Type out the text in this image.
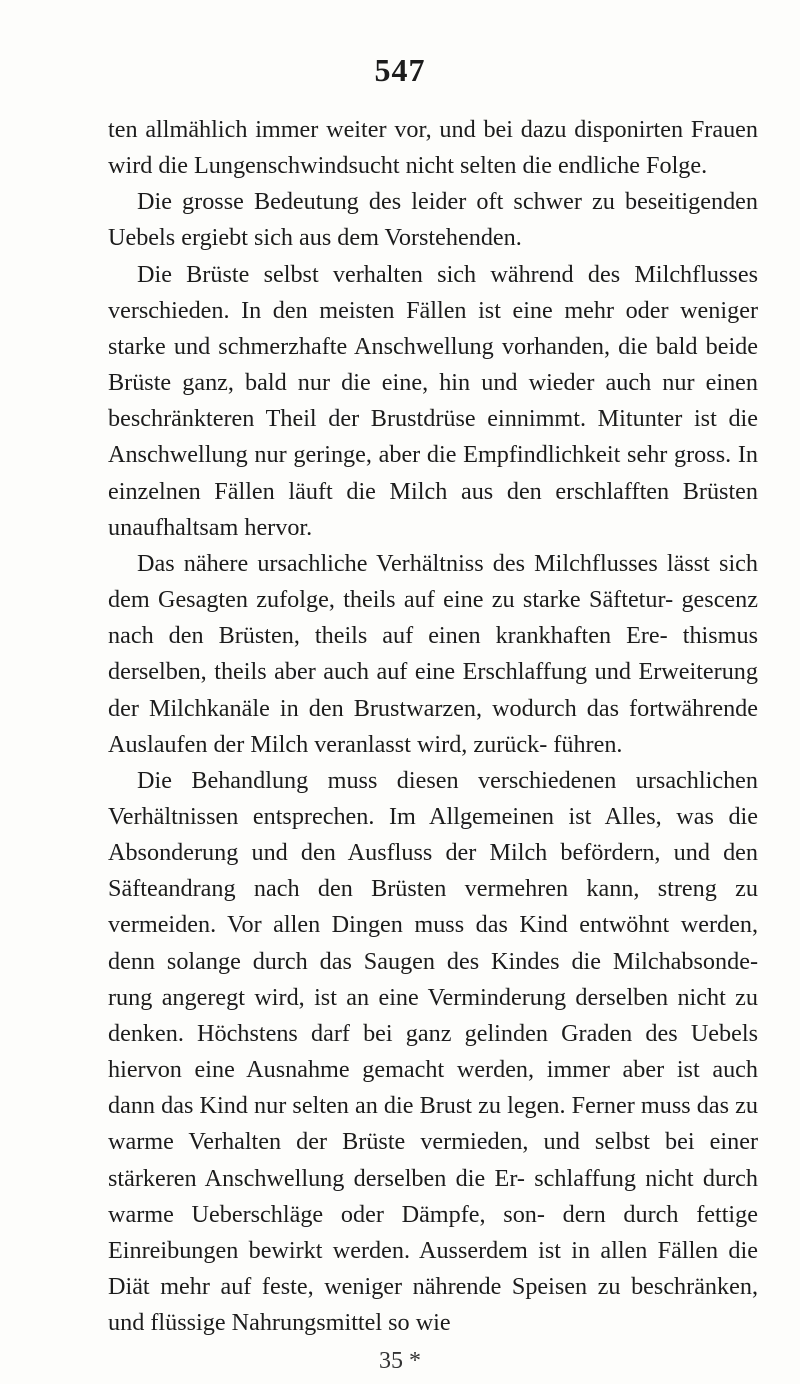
547

ten allmählich immer weiter vor, und bei dazu disponirten Frauen wird die Lungenschwindsucht nicht selten die endliche Folge.

Die grosse Bedeutung des leider oft schwer zu beseitigenden Uebels ergiebt sich aus dem Vorstehenden.

Die Brüste selbst verhalten sich während des Milchflusses verschieden. In den meisten Fällen ist eine mehr oder weniger starke und schmerzhafte Anschwellung vorhanden, die bald beide Brüste ganz, bald nur die eine, hin und wieder auch nur einen beschränkteren Theil der Brustdrüse einnimmt. Mitunter ist die Anschwellung nur geringe, aber die Empfindlichkeit sehr gross. In einzelnen Fällen läuft die Milch aus den erschlafften Brüsten unaufhaltsam hervor.

Das nähere ursachliche Verhältniss des Milchflusses lässt sich dem Gesagten zufolge, theils auf eine zu starke Säftetur- gescenz nach den Brüsten, theils auf einen krankhaften Ere- thismus derselben, theils aber auch auf eine Erschlaffung und Erweiterung der Milchkanäle in den Brustwarzen, wodurch das fortwährende Auslaufen der Milch veranlasst wird, zurück- führen.

Die Behandlung muss diesen verschiedenen ursachlichen Verhältnissen entsprechen. Im Allgemeinen ist Alles, was die Absonderung und den Ausfluss der Milch befördern, und den Säfteandrang nach den Brüsten vermehren kann, streng zu vermeiden. Vor allen Dingen muss das Kind entwöhnt werden, denn solange durch das Saugen des Kindes die Milchabsonde- rung angeregt wird, ist an eine Verminderung derselben nicht zu denken. Höchstens darf bei ganz gelinden Graden des Uebels hiervon eine Ausnahme gemacht werden, immer aber ist auch dann das Kind nur selten an die Brust zu legen. Ferner muss das zu warme Verhalten der Brüste vermieden, und selbst bei einer stärkeren Anschwellung derselben die Er- schlaffung nicht durch warme Ueberschläge oder Dämpfe, son- dern durch fettige Einreibungen bewirkt werden. Ausserdem ist in allen Fällen die Diät mehr auf feste, weniger nährende Speisen zu beschränken, und flüssige Nahrungsmittel so wie

35 *
